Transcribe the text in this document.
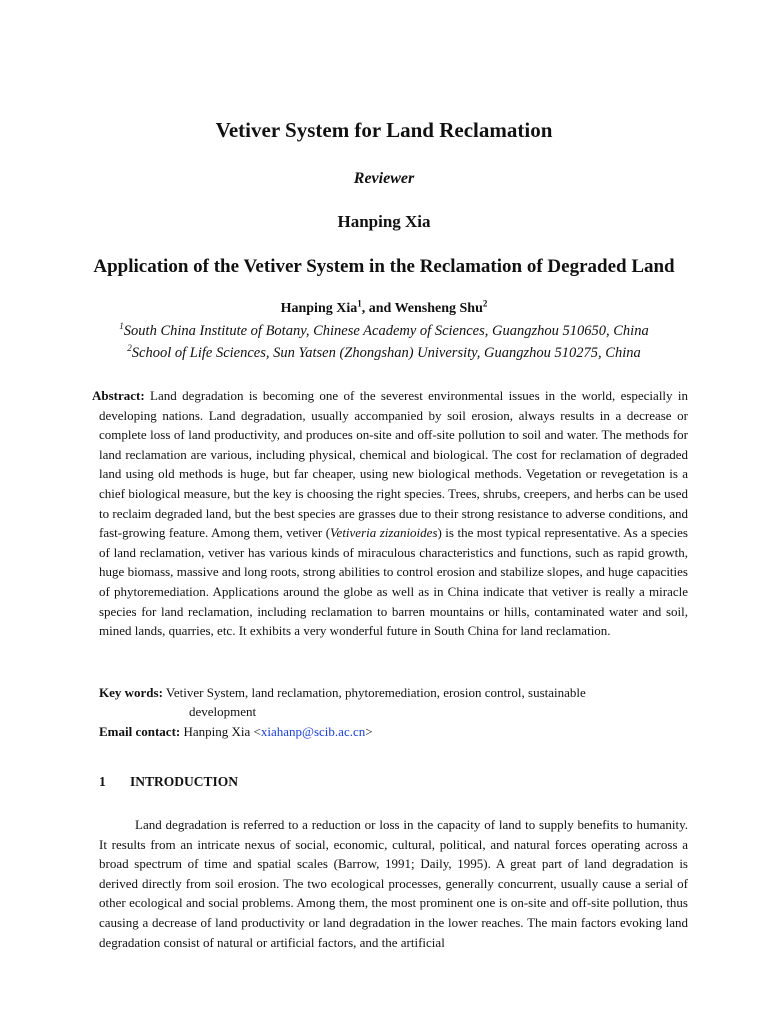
Vetiver System for Land Reclamation
Reviewer
Hanping Xia
Application of the Vetiver System in the Reclamation of Degraded Land
Hanping Xia$^1$, and Wensheng Shu$^2$
$^1$South China Institute of Botany, Chinese Academy of Sciences, Guangzhou 510650, China
$^2$School of Life Sciences, Sun Yatsen (Zhongshan) University, Guangzhou 510275, China
Abstract: Land degradation is becoming one of the severest environmental issues in the world, especially in developing nations. Land degradation, usually accompanied by soil erosion, always results in a decrease or complete loss of land productivity, and produces on-site and off-site pollution to soil and water. The methods for land reclamation are various, including physical, chemical and biological. The cost for reclamation of degraded land using old methods is huge, but far cheaper, using new biological methods. Vegetation or revegetation is a chief biological measure, but the key is choosing the right species. Trees, shrubs, creepers, and herbs can be used to reclaim degraded land, but the best species are grasses due to their strong resistance to adverse conditions, and fast-growing feature. Among them, vetiver (Vetiveria zizanioides) is the most typical representative. As a species of land reclamation, vetiver has various kinds of miraculous characteristics and functions, such as rapid growth, huge biomass, massive and long roots, strong abilities to control erosion and stabilize slopes, and huge capacities of phytoremediation. Applications around the globe as well as in China indicate that vetiver is really a miracle species for land reclamation, including reclamation to barren mountains or hills, contaminated water and soil, mined lands, quarries, etc. It exhibits a very wonderful future in South China for land reclamation.
Key words: Vetiver System, land reclamation, phytoremediation, erosion control, sustainable
development
Email contact: Hanping Xia <xiahanp@scib.ac.cn>
1 INTRODUCTION
Land degradation is referred to a reduction or loss in the capacity of land to supply benefits to humanity. It results from an intricate nexus of social, economic, cultural, political, and natural forces operating across a broad spectrum of time and spatial scales (Barrow, 1991; Daily, 1995). A great part of land degradation is derived directly from soil erosion. The two ecological processes, generally concurrent, usually cause a serial of other ecological and social problems. Among them, the most prominent one is on-site and off-site pollution, thus causing a decrease of land productivity or land degradation in the lower reaches. The main factors evoking land degradation consist of natural or artificial factors, and the artificial
